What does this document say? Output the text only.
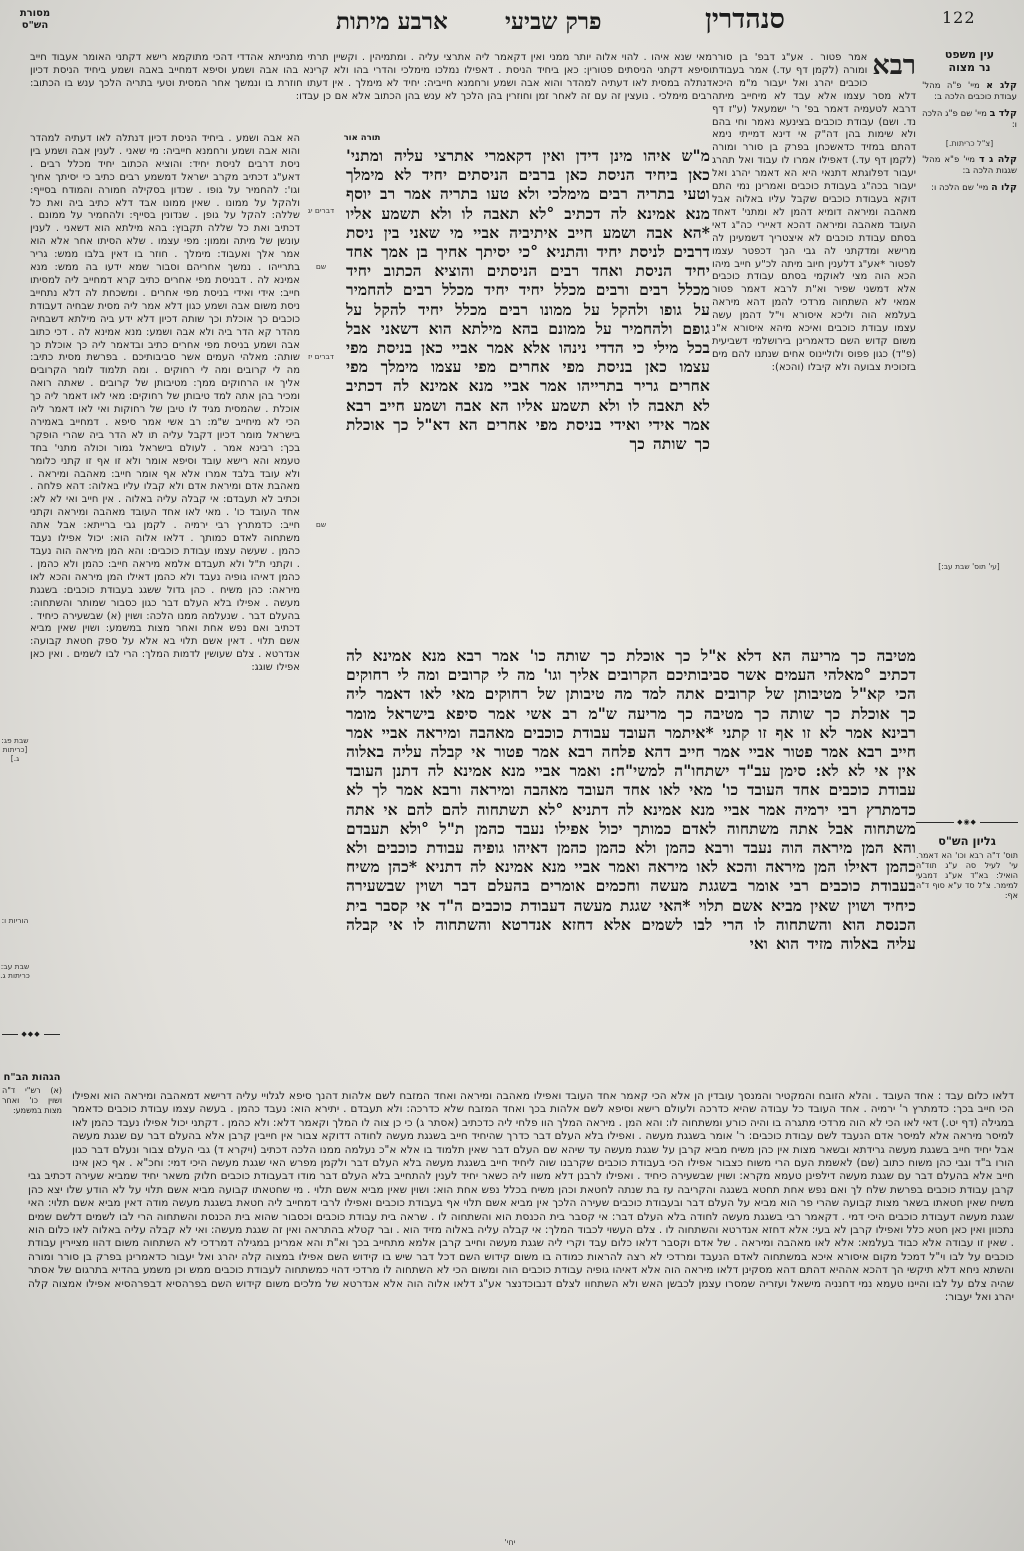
מסורת
הש"ס	ארבע מיתות פרק שביעי	סנהדרין	122
עין משפט
נר מצוה
קלג א מיי' פ"ה מהל' עבודת כוכבים הלכה ב:
קלד ב מיי' שם פ"ג הלכה ו:
[צ"ל כריתות.]
קלה ג ד מיי' פ"א מהל' שגגות הלכה ב:
קלו ה מיי' שם הלכה ו:
[עי' תוס' שבת עב:]
◆◉◆
גליון הש"ס
תוס' ד"ה רבא וכו' הא דאמר. עי' לעיל סה ע"ג תוד"ה הואיל: בא"ד אע"ג דמבעי למימר. צ"ל סד ע"א סוף ד"ה אף:
רבא
אמר פטור . אע"ג דבפ' בן סורר ומורה (לקמן דף עד.) אמר בעבודת כוכבים יהרג ואל יעבור מ"מ היכא דלא מסר עצמו אלא עבד לא מיחייב מיתה דרבא לטעמיה דאמר בפ' ר' ישמעאל (ע"ז דף נד. ושם) עבודת כוכבים בצינעא נאמר וחי בהם ולא שימות בהן דה"ק אי דינא דמייתי נימא דהתם במזיד כדאשכחן בפרק בן סורר ומורה (לקמן דף עד.) דאפילו אמרו לו עבוד ואל תהרג יעבור דפלוגתא דתנאי היא הא דאמר יהרג ואל יעבור בכה"ג בעבודת כוכבים ואמרינן נמי התם דוקא בעבודת כוכבים שקבל עליו באלוה אבל מאהבה ומיראה דומיא דהמן לא ומתני' דאחד העובד מאהבה ומיראה דהכא דאיירי כה"ג דאי בסתם עבודת כוכבים לא איצטריך דשמעינן לה מרישא ומדקתני לה גבי הנך דכפטר עצמו לפטור *אע"ג דלענין חיוב מיתה לכ"ע חייב מיהו הכא הוה מצי לאוקמי בסתם עבודת כוכבים אלא דמשני שפיר וא"ת לרבא דאמר פטור אמאי לא השתחוה מרדכי להמן דהא מיראה בעלמא הוה וליכא איסורא וי"ל דהמן עשה עצמו עבודת כוכבים ואיכא מיהא איסורא א"נ משום קדוש השם כדאמרינן בירושלמי דשביעית (פ"ד) כגון פפוס ולוליינוס אחים שנתנו להם מים בזכוכית צבועה ולא קיבלו (והכא):
מאי שנא איהו . להוי אלוה יותר ממני ואין דקאמר ליה אתרצי עליה . ומתמיהין . וקשיין תרתי מתנייתא אהדדי דהכי מתוקמא רישא דקתני האומר אעבוד חייב וסיפא דקתני הניסתים פטורין: כאן ביחיד הניסת . דאפילו נמלכו מימלכי והדרי בהו ולא קרינא בהו אבה ושמע וסיפא דמחייב באבה ושמע ביחיד הניסת דכיון דנתלה במסית לאו דעתיה למהדר והוא אבה ושמע ורחמנא חייביה: יחיד לא מימלך . אין דעתו חוזרת בו ונמשך אחר המסית וטעי בתריה הלכך ענש בו הכתוב: רבים מימלכי . נועצין זה עם זה לאחר זמן וחוזרין בהן הלכך לא ענש בהן הכתוב אלא אם כן עבדו:
תורה אור
דברים יג
שם
דברים יז
שם
מ"ש איהו מינן דידן ואין דקאמרי אתרצי עליה ומתני' כאן ביחיד הניסת כאן ברבים הניסתים יחיד לא מימלך וטעי בתריה רבים מימלכי ולא טעו בתריה אמר רב יוסף מנא אמינא לה דכתיב °לא תאבה לו ולא תשמע אליו *הא אבה ושמע חייב איתיביה אביי מי שאני בין ניסת דרבים לניסת יחיד והתניא °כי יסיתך אחיך בן אמך אחד יחיד הניסת ואחד רבים הניסתים והוציא הכתוב יחיד מכלל רבים ורבים מכלל יחיד יחיד מכלל רבים להחמיר על גופו ולהקל על ממונו רבים מכלל יחיד להקל על גופם ולהחמיר על ממונם בהא מילתא הוא דשאני אבל בכל מילי כי הדדי נינהו אלא אמר אביי כאן בניסת מפי עצמו כאן בניסת מפי אחרים מפי עצמו מימלך מפי אחרים גריר בתרייהו אמר אביי מנא אמינא לה דכתיב לא תאבה לו ולא תשמע אליו הא אבה ושמע חייב רבא אמר אידי ואידי בניסת מפי אחרים הא דא"ל כך אוכלת כך שותה כך
מטיבה כך מריעה הא דלא א"ל כך אוכלת כך שותה כו' אמר רבא מנא אמינא לה דכתיב °מאלהי העמים אשר סביבותיכם הקרובים אליך וגו' מה לי קרובים ומה לי רחוקים הכי קא"ל מטיבותן של קרובים אתה למד מה טיבותן של רחוקים מאי לאו דאמר ליה כך אוכלת כך שותה כך מטיבה כך מריעה ש"מ רב אשי אמר סיפא בישראל מומר רבינא אמר לא זו אף זו קתני *איתמר העובד עבודת כוכבים מאהבה ומיראה אביי אמר חייב רבא אמר פטור אביי אמר חייב דהא פלחה רבא אמר פטור אי קבלה עליה באלוה אין אי לא לא: סימן עב"ד ישתחו"ה למשי"ח: ואמר אביי מנא אמינא לה דתנן העובד עבודת כוכבים אחד העובד כו' מאי לאו אחד העובד מאהבה ומיראה ורבא אמר לך לא כדמתרץ רבי ירמיה אמר אביי מנא אמינא לה דתניא °לא תשתחוה להם להם אי אתה משתחוה אבל אתה משתחוה לאדם כמותך יכול אפילו נעבד כהמן ת"ל °ולא תעבדם והא המן מיראה הוה נעבד ורבא כהמן ולא כהמן כהמן דאיהו גופיה עבודת כוכבים ולא כהמן דאילו המן מיראה והכא לאו מיראה ואמר אביי מנא אמינא לה דתניא *כהן משיח בעבודת כוכבים רבי אומר בשגגת מעשה וחכמים אומרים בהעלם דבר ושוין שבשעירה כיחיד ושוין שאין מביא אשם תלוי *האי שגגת מעשה דעבודת כוכבים ה"ד אי קסבר בית הכנסת הוא והשתחוה לו הרי לבו לשמים אלא דחזא אנדרטא והשתחוה לו אי קבלה עליה באלוה מזיד הוא ואי
הא אבה ושמע . ביחיד הניסת דכיון דנתלה לאו דעתיה למהדר והוא אבה ושמע ורחמנא חייביה: מי שאני . לענין אבה ושמע בין ניסת דרבים לניסת יחיד: והוציא הכתוב יחיד מכלל רבים . דאע"ג דכתיב מקרב ישראל דמשמע רבים כתיב כי יסיתך אחיך וגו': להחמיר על גופו . שנדון בסקילה חמורה והמודח בסייף: ולהקל על ממונו . שאין ממונו אבד דלא כתיב ביה ואת כל שללה: להקל על גופן . שנדונין בסייף: ולהחמיר על ממונם . דכתיב ואת כל שללה תקבוץ: בהא מילתא הוא דשאני . לענין עונשן של מיתה וממון: מפי עצמו . שלא הסיתו אחר אלא הוא אמר אלך ואעבוד: מימלך . חוזר בו דאין בלבו ממש: גריר בתרייהו . נמשך אחריהם וסבור שמא ידעו בה ממש: מנא אמינא לה . דבניסת מפי אחרים כתיב קרא דמחייב ליה למסיתו חייב: אידי ואידי בניסת מפי אחרים . ומשכחת לה דלא נתחייב ניסת משום אבה ושמע כגון דלא אמר ליה מסית שבחיה דעבודת כוכבים כך אוכלת וכך שותה דכיון דלא ידע ביה מילתא דשבחיה מהדר קא הדר ביה ולא אבה ושמע: מנא אמינא לה . דכי כתוב אבה ושמע בניסת מפי אחרים כתיב ובדאמר ליה כך אוכלת כך שותה: מאלהי העמים אשר סביבותיכם . בפרשת מסית כתיב: מה לי קרובים ומה לי רחוקים . ומה תלמוד לומר הקרובים אליך או הרחוקים ממך: מטיבותן של קרובים . שאתה רואה ומכיר בהן אתה למד טיבותן של רחוקים: מאי לאו דאמר ליה כך אוכלת . שהמסית מגיד לו טיבן של רחוקות ואי לאו דאמר ליה הכי לא מיחייב ש"מ: רב אשי אמר סיפא . דמחייב באמירה בישראל מומר דכיון דקבל עליה תו לא הדר ביה שהרי הופקר בכך: רבינא אמר . לעולם בישראל גמור וכולה מתני' בחד טעמא והא רישא עובד וסיפא אומר ולא זו אף זו קתני כלומר ולא עובד בלבד אמרו אלא אף אומר חייב: מאהבה ומיראה . מאהבת אדם ומיראת אדם ולא קבלו עליו באלוה: דהא פלחה . וכתיב לא תעבדם: אי קבלה עליה באלוה . אין חייב ואי לא לא: אחד העובד כו' . מאי לאו אחד העובד מאהבה ומיראה וקתני חייב: כדמתרץ רבי ירמיה . לקמן גבי ברייתא: אבל אתה משתחוה לאדם כמותך . דלאו אלוה הוא: יכול אפילו נעבד כהמן . שעשה עצמו עבודת כוכבים: והא המן מיראה הוה נעבד . וקתני ת"ל ולא תעבדם אלמא מיראה חייב: כהמן ולא כהמן . כהמן דאיהו גופיה נעבד ולא כהמן דאילו המן מיראה והכא לאו מיראה: כהן משיח . כהן גדול ששגג בעבודת כוכבים: בשגגת מעשה . אפילו בלא העלם דבר כגון כסבור שמותר והשתחוה: בהעלם דבר . שנעלמה ממנו הלכה: ושוין (א) שבשעירה כיחיד . דכתיב ואם נפש אחת ואחר מצות במשמע: ושוין שאין מביא אשם תלוי . דאין אשם תלוי בא אלא על ספק חטאת קבועה: אנדרטא . צלם שעושין לדמות המלך: הרי לבו לשמים . ואין כאן אפילו שוגג:
שבת פג: [כריתות ג.]
הוריות ו:
שבת עב: כריתות ג.
◆◆◆
הגהות הב"ח
(א) רש"י ד"ה ושוין כו' ואחר מצות במשמע:
דלאו כלום עבד : אחד העובד . והלא הזובח והמקטיר והמנסך עובדין הן אלא הכי קאמר אחד העובד ואפילו מאהבה ומיראה ואחד המזבח לשם אלהות דהנך סיפא לגלויי עליה דרישא דמאהבה ומיראה הוא ואפילו הכי חייב בכך: כדמתרץ ר' ירמיה . אחד העובד כל עבודה שהיא כדרכה ולעולם רישא וסיפא לשם אלהות בכך ואחד המזבח שלא כדרכה: ולא תעבדם . יתירא הוא: נעבד כהמן . בעשה עצמו עבודת כוכבים כדאמר במגילה (דף יט.) דאי לאו הכי לא הוה מרדכי מתגרה בו והיה כורע ומשתחוה לו: והא המן . מיראה המלך הוו פלחי ליה כדכתיב (אסתר ג) כי כן צוה לו המלך וקאמר דלא: ולא כהמן . דקתני יכול אפילו נעבד כהמן לאו למיסר מיראה אלא למיסר אדם הנעבד לשם עבודת כוכבים: ר' אומר בשגגת מעשה . ואפילו בלא העלם דבר כדרך שהיחיד חייב בשגגת מעשה לחודה דדוקא צבור אין חייבין קרבן אלא בהעלם דבר עם שגגת מעשה אבל יחיד חייב בשגגת מעשה גרידתא ובשאר מצות אין כהן משיח מביא קרבן על שגגת מעשה עד שיהא שם העלם דבר שאין תלמוד בו אלא א"כ נעלמה ממנו הלכה דכתיב (ויקרא ד) גבי העלם צבור ונעלם דבר כגון הורו ב"ד וגבי כהן משוח כתוב (שם) לאשמת העם הרי משוח כצבור אפילו הכי בעבודת כוכבים שקרבנו שוה ליחיד חייב בשגגת מעשה בלא העלם דבר ולקמן מפרש האי שגגת מעשה היכי דמי: וחכ"א . אף כאן אינו חייב אלא בהעלם דבר עם שגגת מעשה דילפינן טעמא מקרא: ושוין שבשעירה כיחיד . ואפילו לרבנן דלא משוו ליה כשאר יחיד לענין להתחייב בלא העלם דבר מודו דבעבודת כוכבים חלוק משאר יחיד שמביא שעירה דכתיב גבי קרבן עבודת כוכבים בפרשת שלח לך ואם נפש אחת תחטא בשגגה והקריבה עז בת שנתה לחטאת וכהן משיח בכלל נפש אחת הוא: ושוין שאין מביא אשם תלוי . מי שחטאתו קבועה מביא אשם תלוי על לא הודע שלו יצא כהן משיח שאין חטאתו בשאר מצות קבועה שהרי פר הוא מביא על העלם דבר ובעבודת כוכבים שעירה הלכך אין מביא אשם תלוי אף בעבודת כוכבים ואפילו לרבי דמחייב ליה חטאת בשגגת מעשה מודה דאין מביא אשם תלוי: האי שגגת מעשה דעבודת כוכבים היכי דמי . דקאמר רבי בשגגת מעשה לחודה בלא העלם דבר: אי קסבר בית הכנסת הוא והשתחוה לו . שראה בית עבודת כוכבים וכסבור שהוא בית הכנסת והשתחוה הרי לבו לשמים דלשם שמים נתכוון ואין כאן חטא כלל ואפילו קרבן לא בעי: אלא דחזא אנדרטא והשתחוה לו . צלם העשוי לכבוד המלך: אי קבלה עליה באלוה מזיד הוא . ובר קטלא בהתראה ואין זה שגגת מעשה: ואי לא קבלה עליה באלוה לאו כלום הוא . שאין זו עבודה אלא כבוד בעלמא: אלא לאו מאהבה ומיראה . של אדם וקסבר דלאו כלום עבד וקרי ליה שגגת מעשה וחייב קרבן אלמא מתחייב בכך וא"ת והא אמרינן במגילה דמרדכי לא השתחוה משום דהוו מציירין עבודת כוכבים על לבו וי"ל דמכל מקום איסורא איכא במשתחוה לאדם הנעבד ומרדכי לא רצה להראות כמודה בו משום קידוש השם דכל דבר שיש בו קידוש השם אפילו במצוה קלה יהרג ואל יעבור כדאמרינן בפרק בן סורר ומורה והשתא ניחא דלא תיקשי הך דהכא אההיא דהתם דהא מסקינן דלאו מיראה הוה אלא דאיהו גופיה עבודת כוכבים הוה ומשום הכי לא השתחוה לו מרדכי דהוי כמשתחוה לעבודת כוכבים ממש וכן משמע בהדיא בתרגום של אסתר שהיה צלם על לבו והיינו טעמא נמי דחנניה מישאל ועזריה שמסרו עצמן לכבשן האש ולא השתחוו לצלם דנבוכדנצר אע"ג דלאו אלוה הוה אלא אנדרטא של מלכים משום קידוש השם בפרהסיא דבפרהסיא אפילו אמצוה קלה יהרג ואל יעבור:
יחי'
